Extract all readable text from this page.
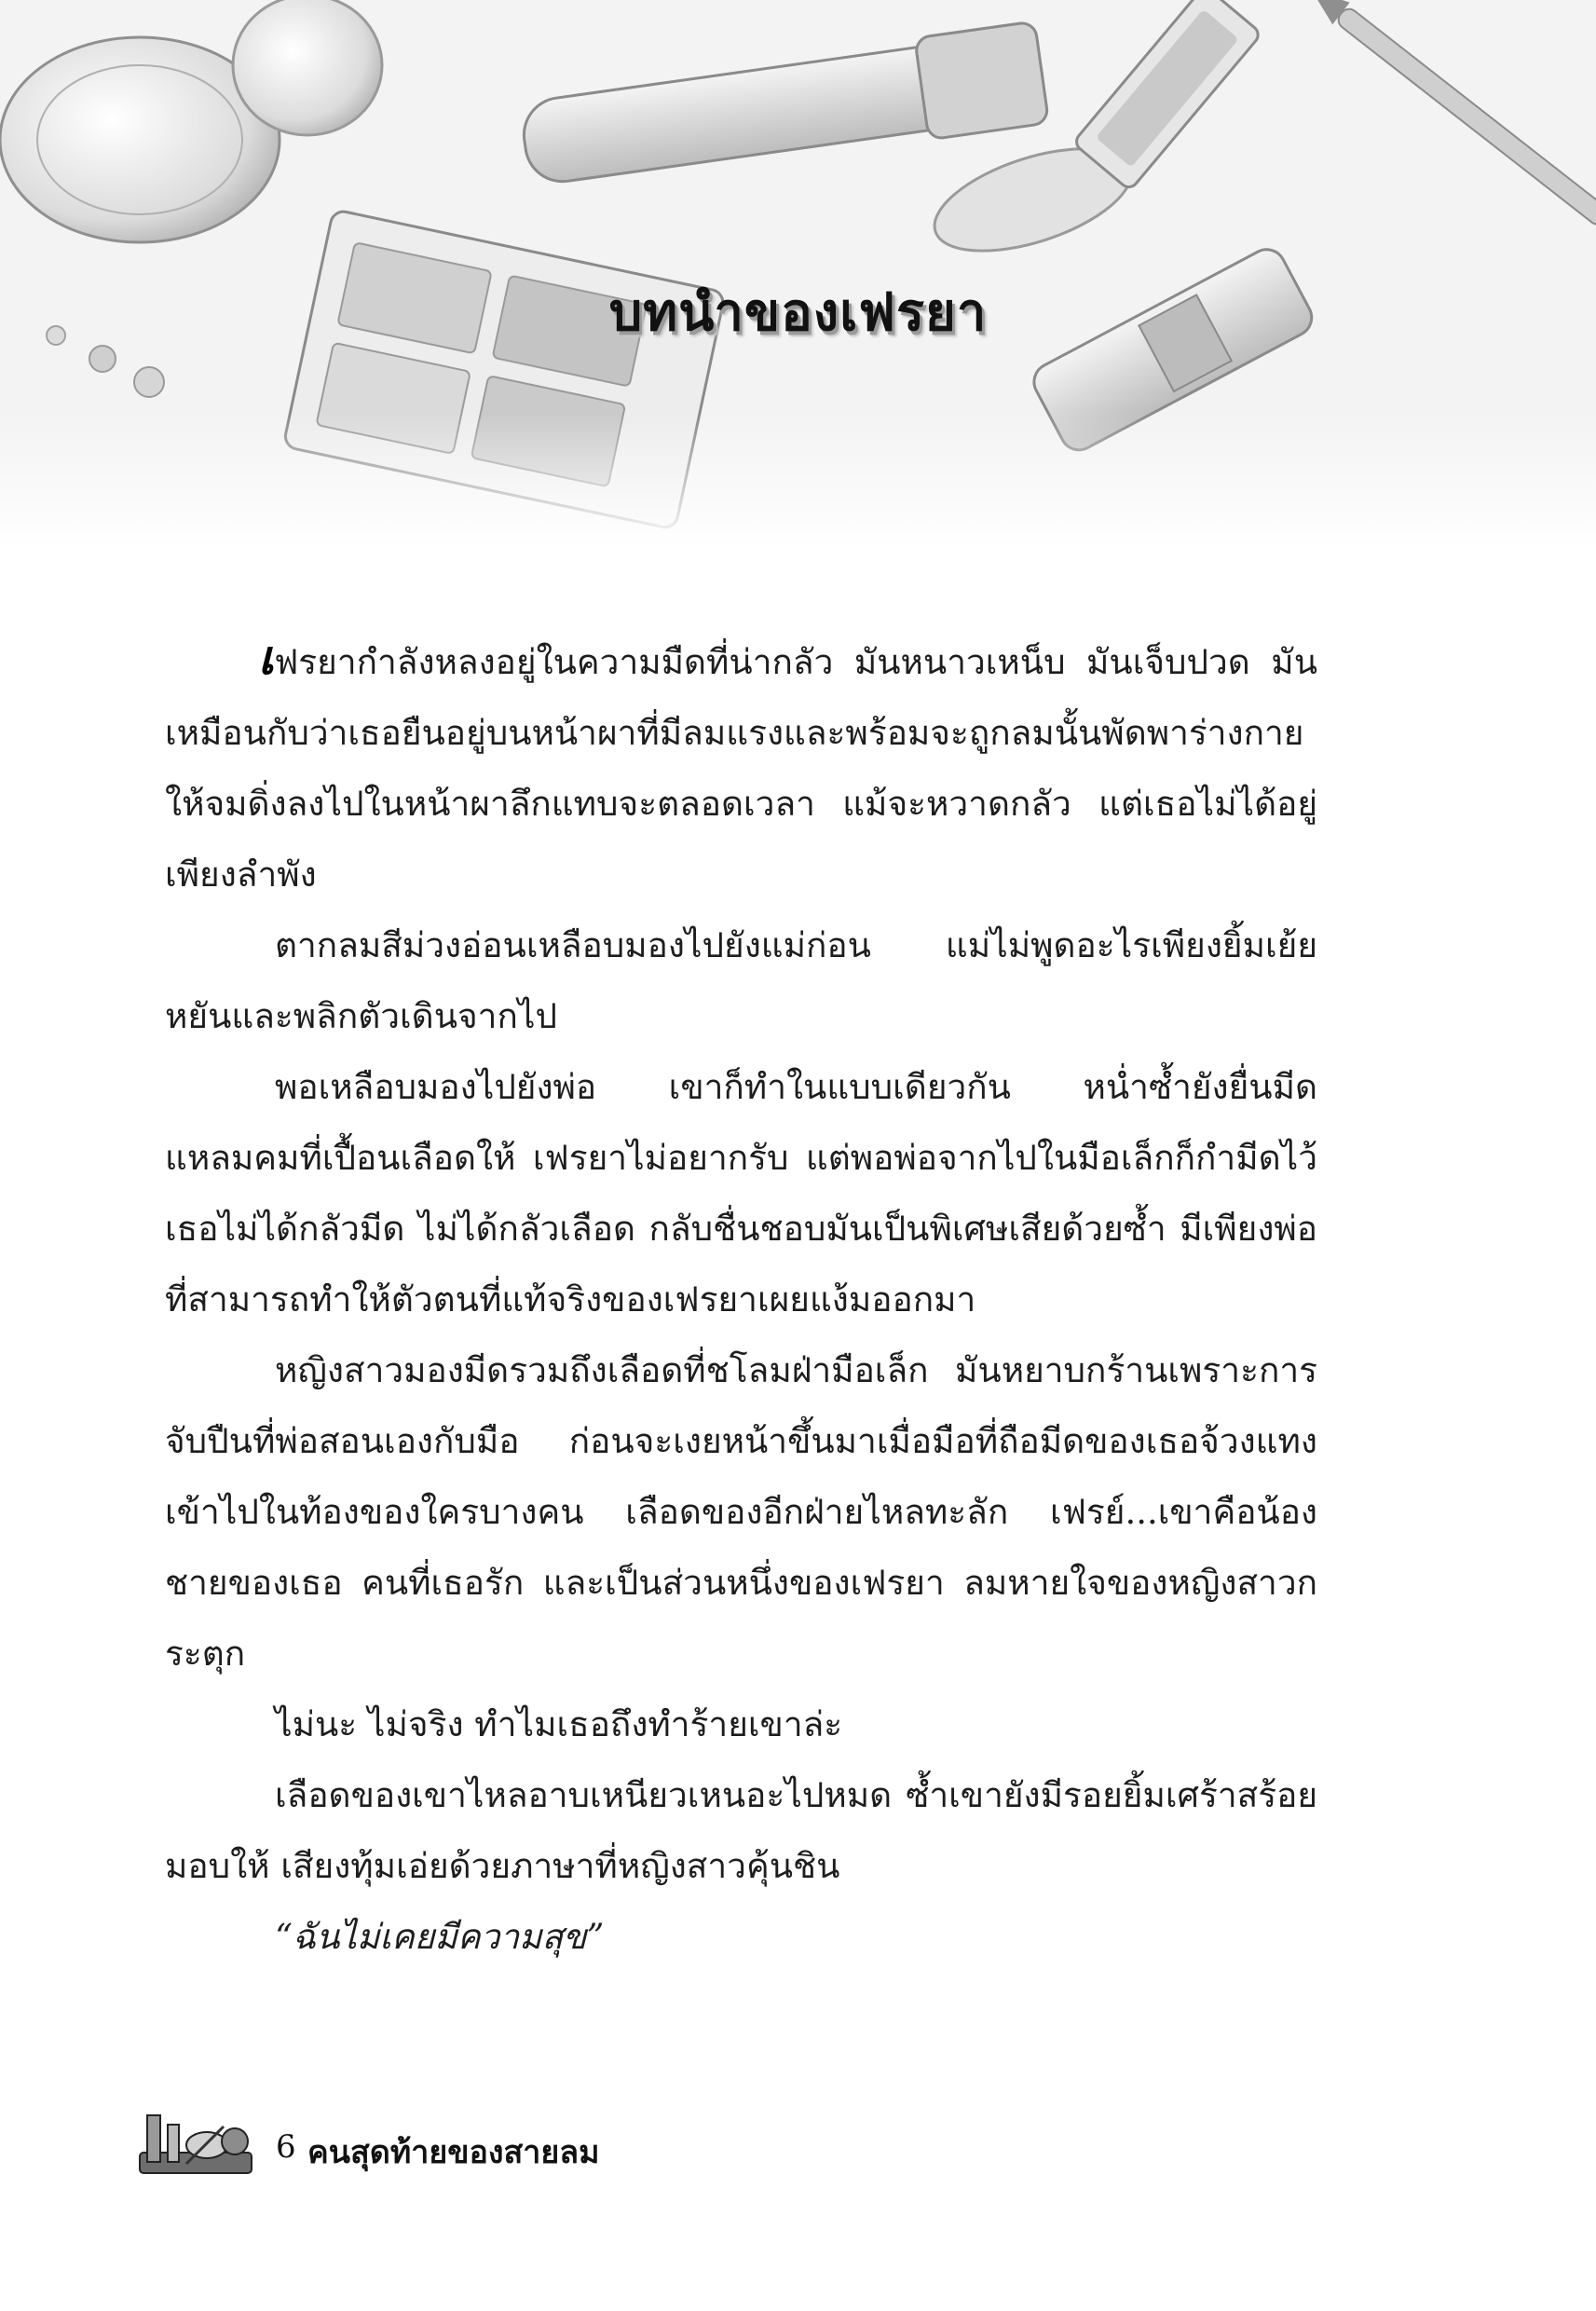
บทนำของเฟรยา

เฟรยากำลังหลงอยู่ในความมืดที่น่ากลัว มันหนาวเหน็บ มันเจ็บปวด มันเหมือนกับว่าเธอยืนอยู่บนหน้าผาที่มีลมแรงและพร้อมจะถูกลมนั้นพัดพาร่างกายให้จมดิ่งลงไปในหน้าผาลึกแทบจะตลอดเวลา แม้จะหวาดกลัว แต่เธอไม่ได้อยู่เพียงลำพัง

ตากลมสีม่วงอ่อนเหลือบมองไปยังแม่ก่อน แม่ไม่พูดอะไรเพียงยิ้มเย้ยหยันและพลิกตัวเดินจากไป

พอเหลือบมองไปยังพ่อ เขาก็ทำในแบบเดียวกัน หน่ำซ้ำยังยื่นมีดแหลมคมที่เปื้อนเลือดให้ เฟรยาไม่อยากรับ แต่พอพ่อจากไปในมือเล็กก็กำมีดไว้ เธอไม่ได้กลัวมีด ไม่ได้กลัวเลือด กลับชื่นชอบมันเป็นพิเศษเสียด้วยซ้ำ มีเพียงพ่อที่สามารถทำให้ตัวตนที่แท้จริงของเฟรยาเผยแง้มออกมา

หญิงสาวมองมีดรวมถึงเลือดที่ชโลมฝ่ามือเล็ก มันหยาบกร้านเพราะการจับปืนที่พ่อสอนเองกับมือ ก่อนจะเงยหน้าขึ้นมาเมื่อมือที่ถือมีดของเธอจ้วงแทงเข้าไปในท้องของใครบางคน เลือดของอีกฝ่ายไหลทะลัก เฟรย์...เขาคือน้องชายของเธอ คนที่เธอรัก และเป็นส่วนหนึ่งของเฟรยา ลมหายใจของหญิงสาวกระตุก

ไม่นะ ไม่จริง ทำไมเธอถึงทำร้ายเขาล่ะ

เลือดของเขาไหลอาบเหนียวเหนอะไปหมด ซ้ำเขายังมีรอยยิ้มเศร้าสร้อยมอบให้ เสียงทุ้มเอ่ยด้วยภาษาที่หญิงสาวคุ้นชิน

“ฉันไม่เคยมีความสุข”

6 คนสุดท้ายของสายลม
